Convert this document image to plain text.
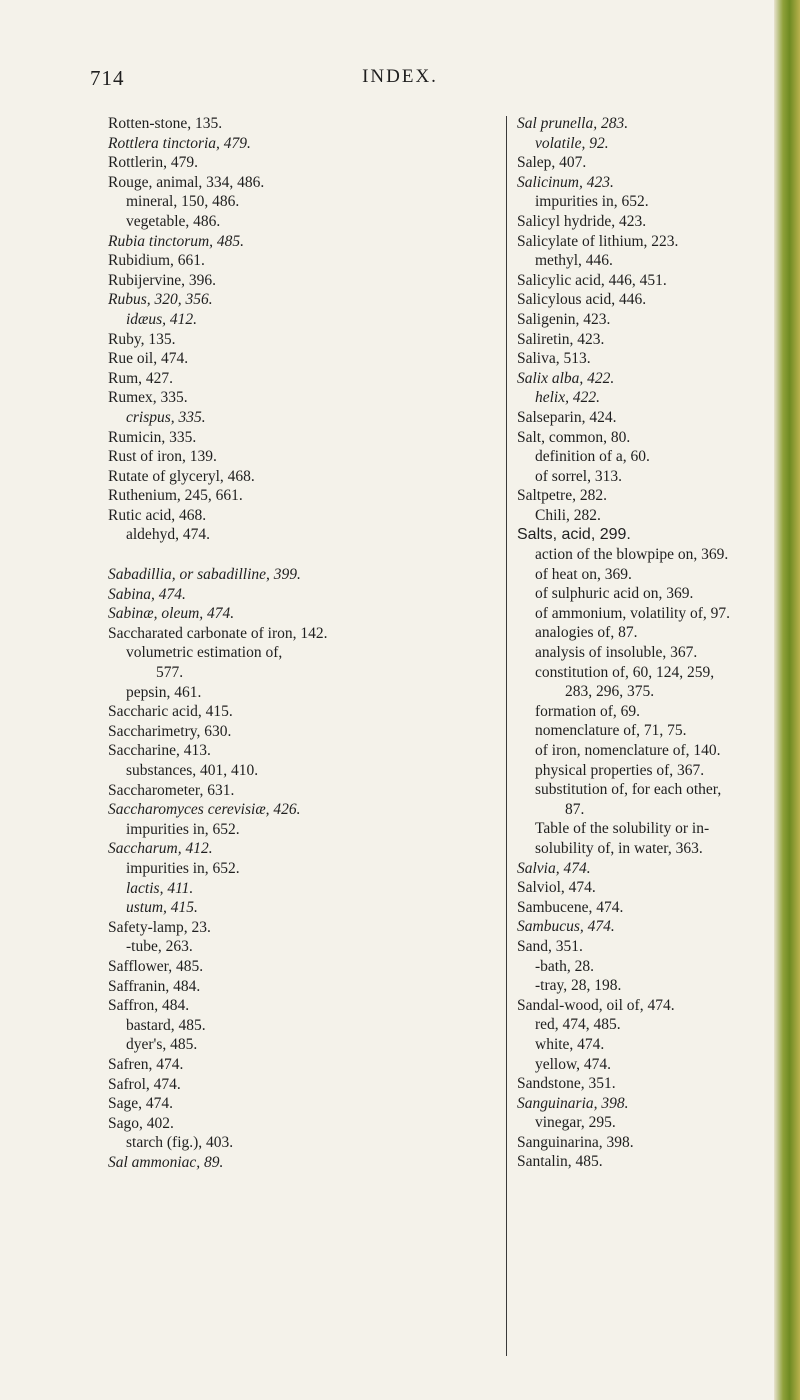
714	INDEX.
Rotten-stone, 135.
Rottlera tinctoria, 479.
Rottlerin, 479.
Rouge, animal, 334, 486.
mineral, 150, 486.
vegetable, 486.
Rubia tinctorum, 485.
Rubidium, 661.
Rubijervine, 396.
Rubus, 320, 356.
idæus, 412.
Ruby, 135.
Rue oil, 474.
Rum, 427.
Rumex, 335.
crispus, 335.
Rumicin, 335.
Rust of iron, 139.
Rutate of glyceryl, 468.
Ruthenium, 245, 661.
Rutic acid, 468.
aldehyd, 474.
Sabadillia, or sabadilline, 399.
Sabina, 474.
Sabinæ, oleum, 474.
Saccharated carbonate of iron, 142.
volumetric estimation of,
577.
pepsin, 461.
Saccharic acid, 415.
Saccharimetry, 630.
Saccharine, 413.
substances, 401, 410.
Saccharometer, 631.
Saccharomyces cerevisiæ, 426.
impurities in, 652.
Saccharum, 412.
impurities in, 652.
lactis, 411.
ustum, 415.
Safety-lamp, 23.
-tube, 263.
Safflower, 485.
Saffranin, 484.
Saffron, 484.
bastard, 485.
dyer's, 485.
Safren, 474.
Safrol, 474.
Sage, 474.
Sago, 402.
starch (fig.), 403.
Sal ammoniac, 89.
Sal prunella, 283.
volatile, 92.
Salep, 407.
Salicinum, 423.
impurities in, 652.
Salicyl hydride, 423.
Salicylate of lithium, 223.
methyl, 446.
Salicylic acid, 446, 451.
Salicylous acid, 446.
Saligenin, 423.
Saliretin, 423.
Saliva, 513.
Salix alba, 422.
helix, 422.
Salseparin, 424.
Salt, common, 80.
definition of a, 60.
of sorrel, 313.
Saltpetre, 282.
Chili, 282.
Salts, acid, 299.
action of the blowpipe on, 369.
of heat on, 369.
of sulphuric acid on, 369.
of ammonium, volatility of, 97.
analogies of, 87.
analysis of insoluble, 367.
constitution of, 60, 124, 259,
283, 296, 375.
formation of, 69.
nomenclature of, 71, 75.
of iron, nomenclature of, 140.
physical properties of, 367.
substitution of, for each other,
87.
Table of the solubility or in-
solubility of, in water, 363.
Salvia, 474.
Salviol, 474.
Sambucene, 474.
Sambucus, 474.
Sand, 351.
-bath, 28.
-tray, 28, 198.
Sandal-wood, oil of, 474.
red, 474, 485.
white, 474.
yellow, 474.
Sandstone, 351.
Sanguinaria, 398.
vinegar, 295.
Sanguinarina, 398.
Santalin, 485.
